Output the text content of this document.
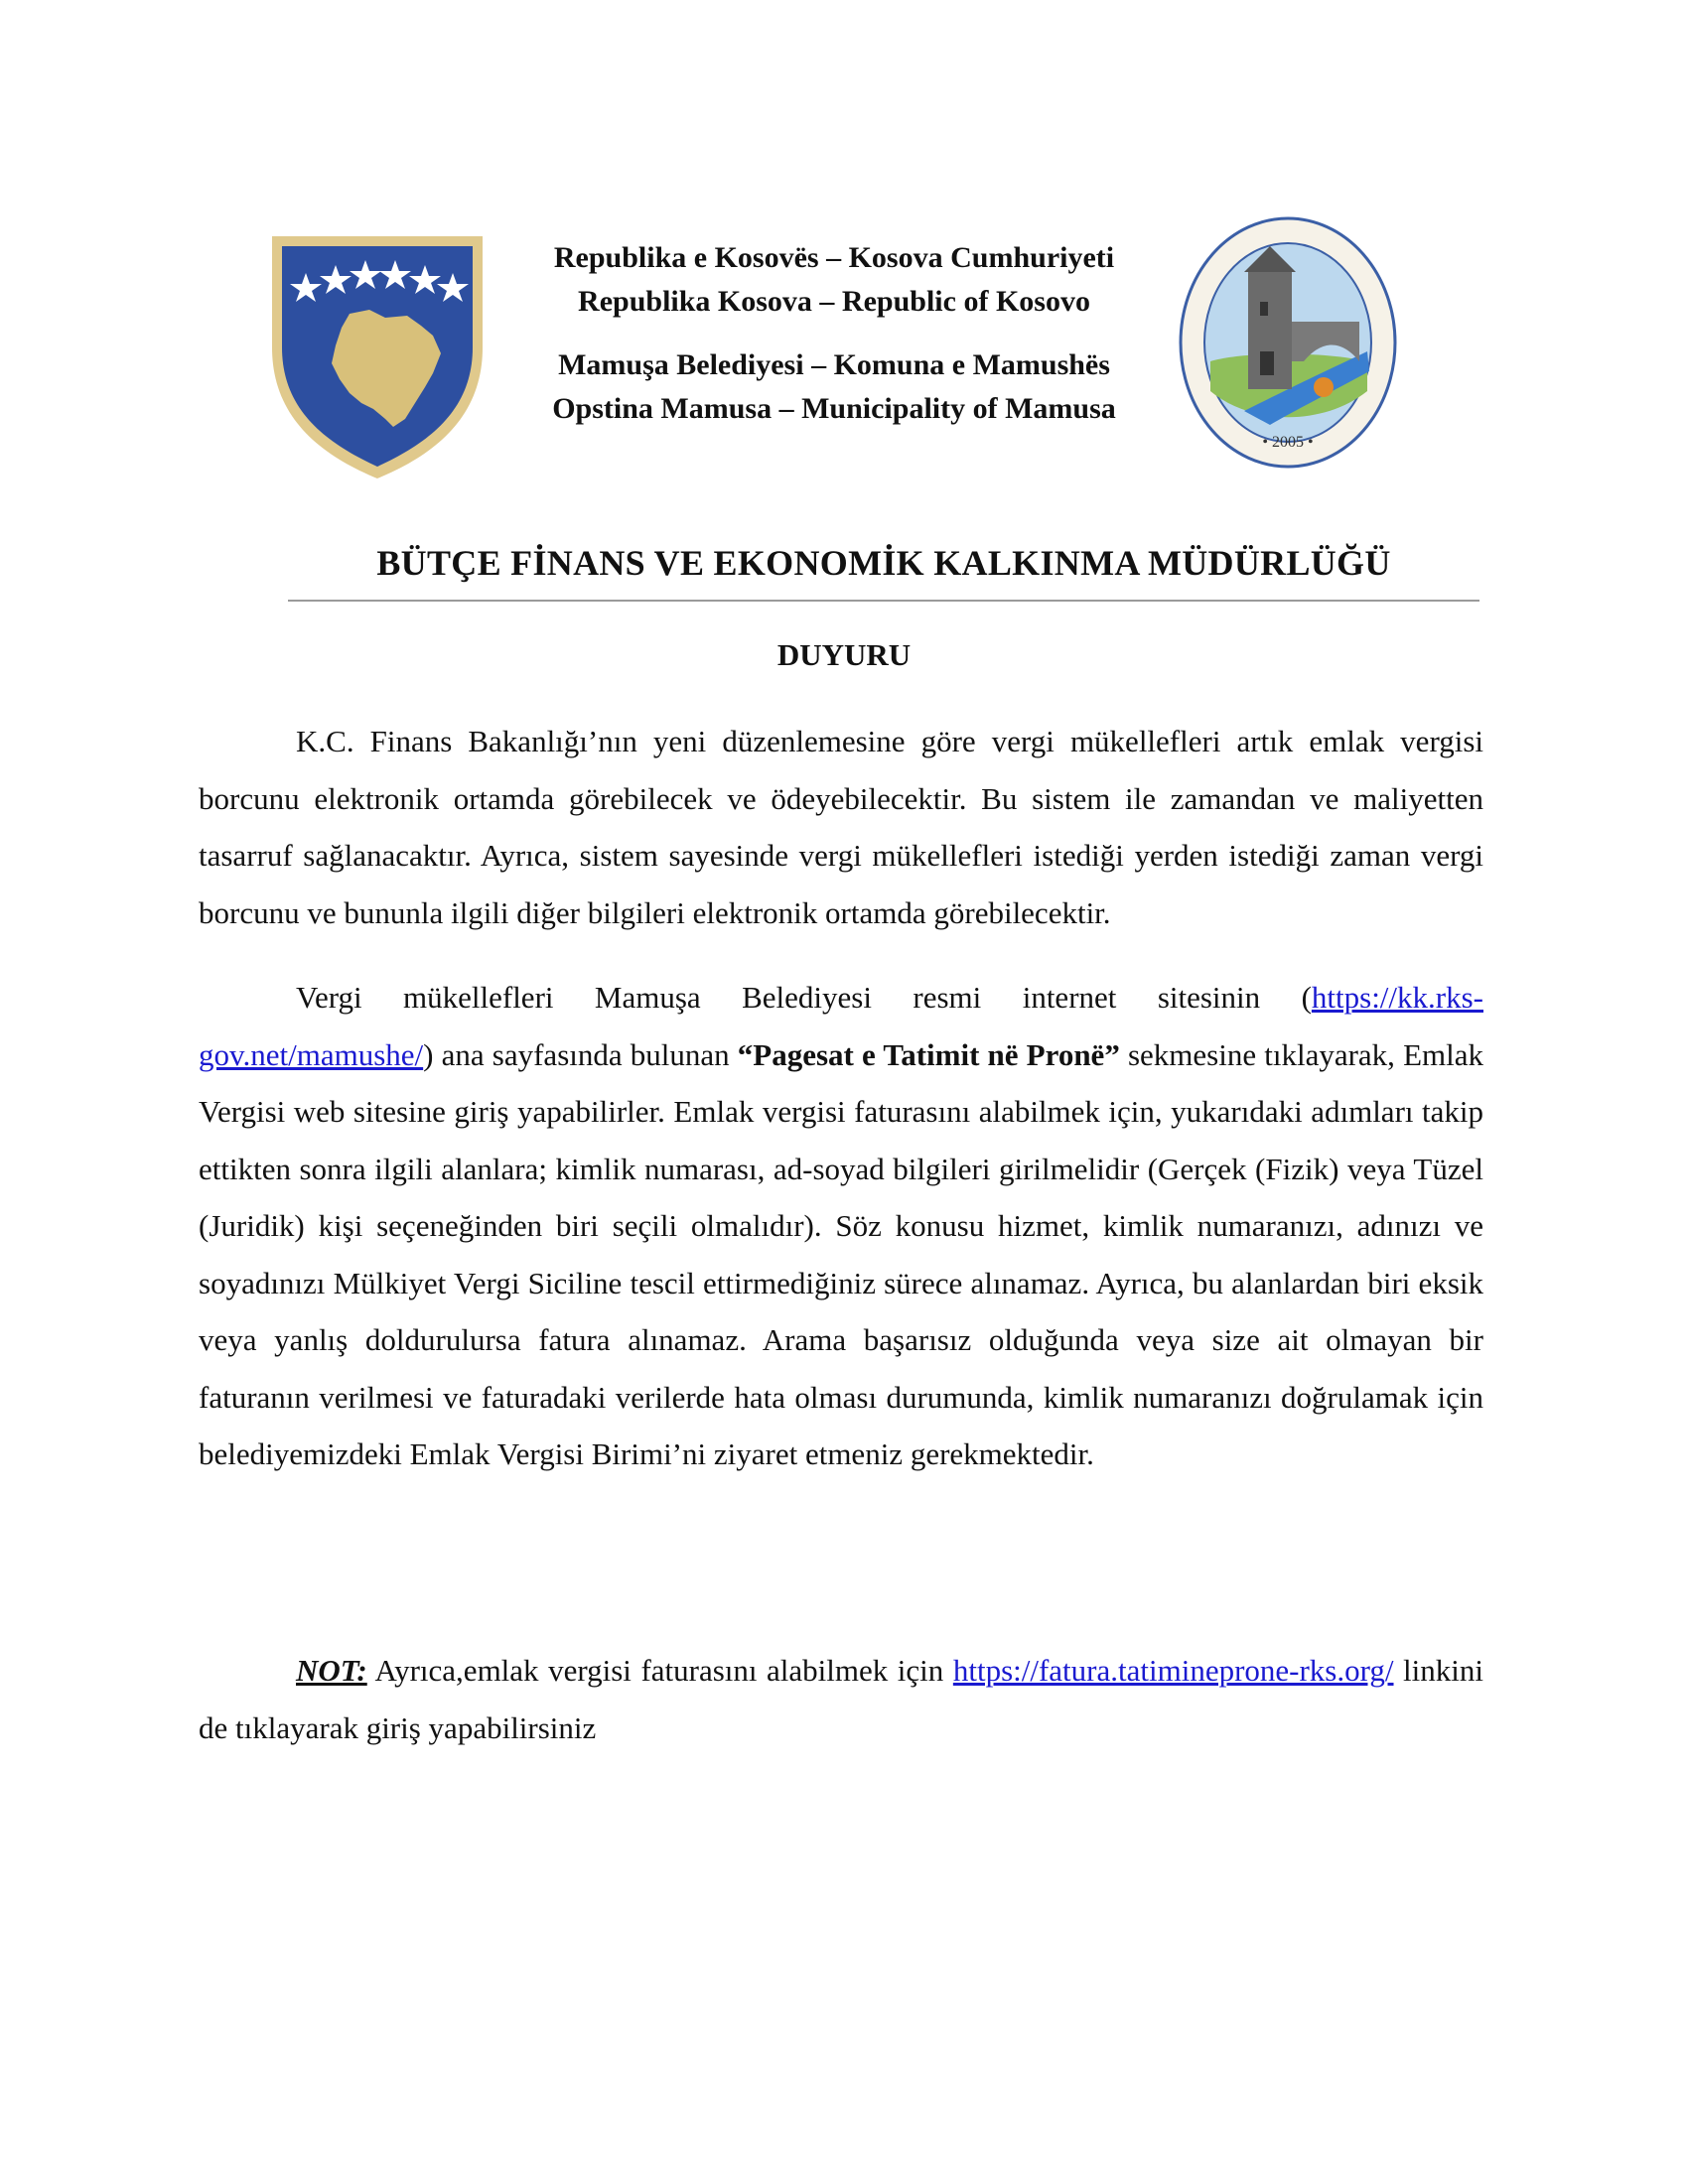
Republika e Kosovës – Kosova Cumhuriyeti
Republika Kosova – Republic of Kosovo
Mamuşa Belediyesi – Komuna e Mamushës
Opstina Mamusa – Municipality of Mamusa
• 2005 •
BÜTÇE FİNANS VE EKONOMİK KALKINMA MÜDÜRLÜĞÜ
DUYURU
K.C. Finans Bakanlığı’nın yeni düzenlemesine göre vergi mükellefleri artık emlak vergisi borcunu elektronik ortamda görebilecek ve ödeyebilecektir. Bu sistem ile zamandan ve maliyetten tasarruf sağlanacaktır. Ayrıca, sistem sayesinde vergi mükellefleri istediği yerden istediği zaman vergi borcunu ve bununla ilgili diğer bilgileri elektronik ortamda görebilecektir.
Vergi mükellefleri Mamuşa Belediyesi resmi internet sitesinin (https://kk.rks-gov.net/mamushe/) ana sayfasında bulunan “Pagesat e Tatimit në Pronë” sekmesine tıklayarak, Emlak Vergisi web sitesine giriş yapabilirler. Emlak vergisi faturasını alabilmek için, yukarıdaki adımları takip ettikten sonra ilgili alanlara; kimlik numarası, ad-soyad bilgileri girilmelidir (Gerçek (Fizik) veya Tüzel (Juridik) kişi seçeneğinden biri seçili olmalıdır). Söz konusu hizmet, kimlik numaranızı, adınızı ve soyadınızı Mülkiyet Vergi Siciline tescil ettirmediğiniz sürece alınamaz. Ayrıca, bu alanlardan biri eksik veya yanlış doldurulursa fatura alınamaz. Arama başarısız olduğunda veya size ait olmayan bir faturanın verilmesi ve faturadaki verilerde hata olması durumunda, kimlik numaranızı doğrulamak için belediyemizdeki Emlak Vergisi Birimi’ni ziyaret etmeniz gerekmektedir.
NOT: Ayrıca,emlak vergisi faturasını alabilmek için https://fatura.tatimineprone-rks.org/ linkini de tıklayarak giriş yapabilirsiniz
